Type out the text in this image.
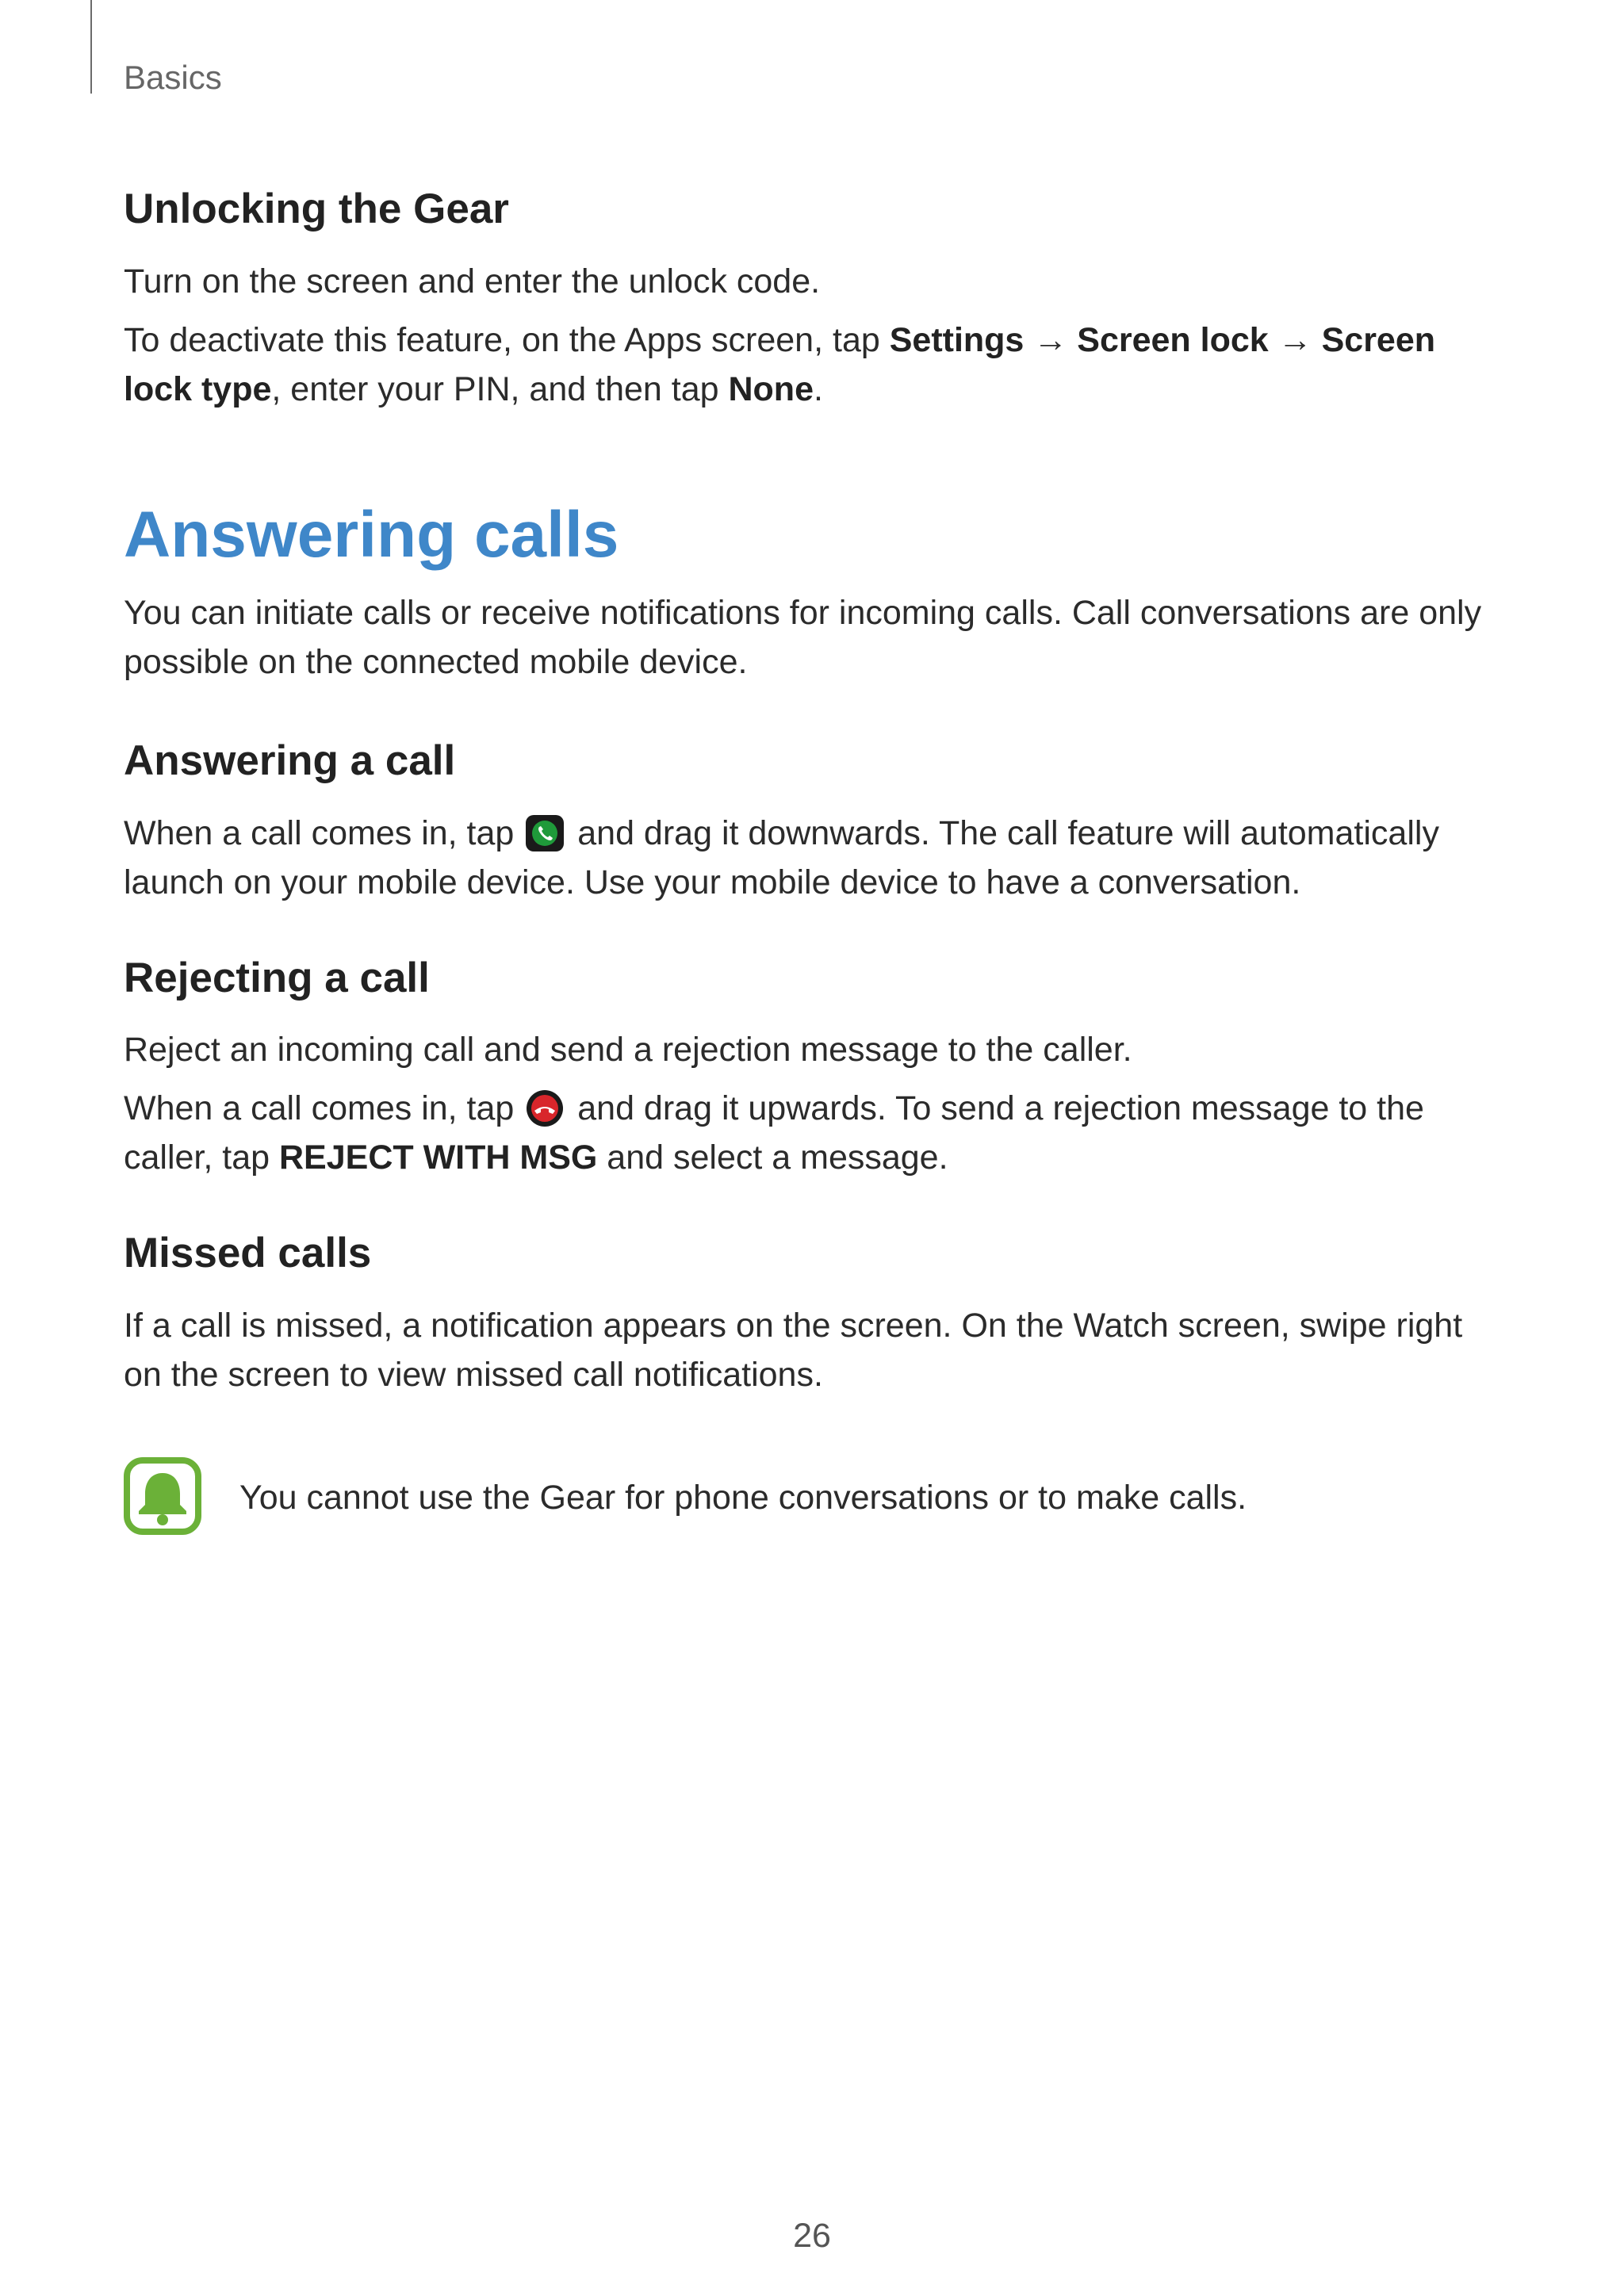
Basics
Unlocking the Gear

Turn on the screen and enter the unlock code.

To deactivate this feature, on the Apps screen, tap Settings → Screen lock → Screen lock type, enter your PIN, and then tap None.

Answering calls

You can initiate calls or receive notifications for incoming calls. Call conversations are only possible on the connected mobile device.

Answering a call

When a call comes in, tap  and drag it downwards. The call feature will automatically launch on your mobile device. Use your mobile device to have a conversation.

Rejecting a call

Reject an incoming call and send a rejection message to the caller.

When a call comes in, tap  and drag it upwards. To send a rejection message to the caller, tap REJECT WITH MSG and select a message.

Missed calls

If a call is missed, a notification appears on the screen. On the Watch screen, swipe right on the screen to view missed call notifications.

You cannot use the Gear for phone conversations or to make calls.
26
